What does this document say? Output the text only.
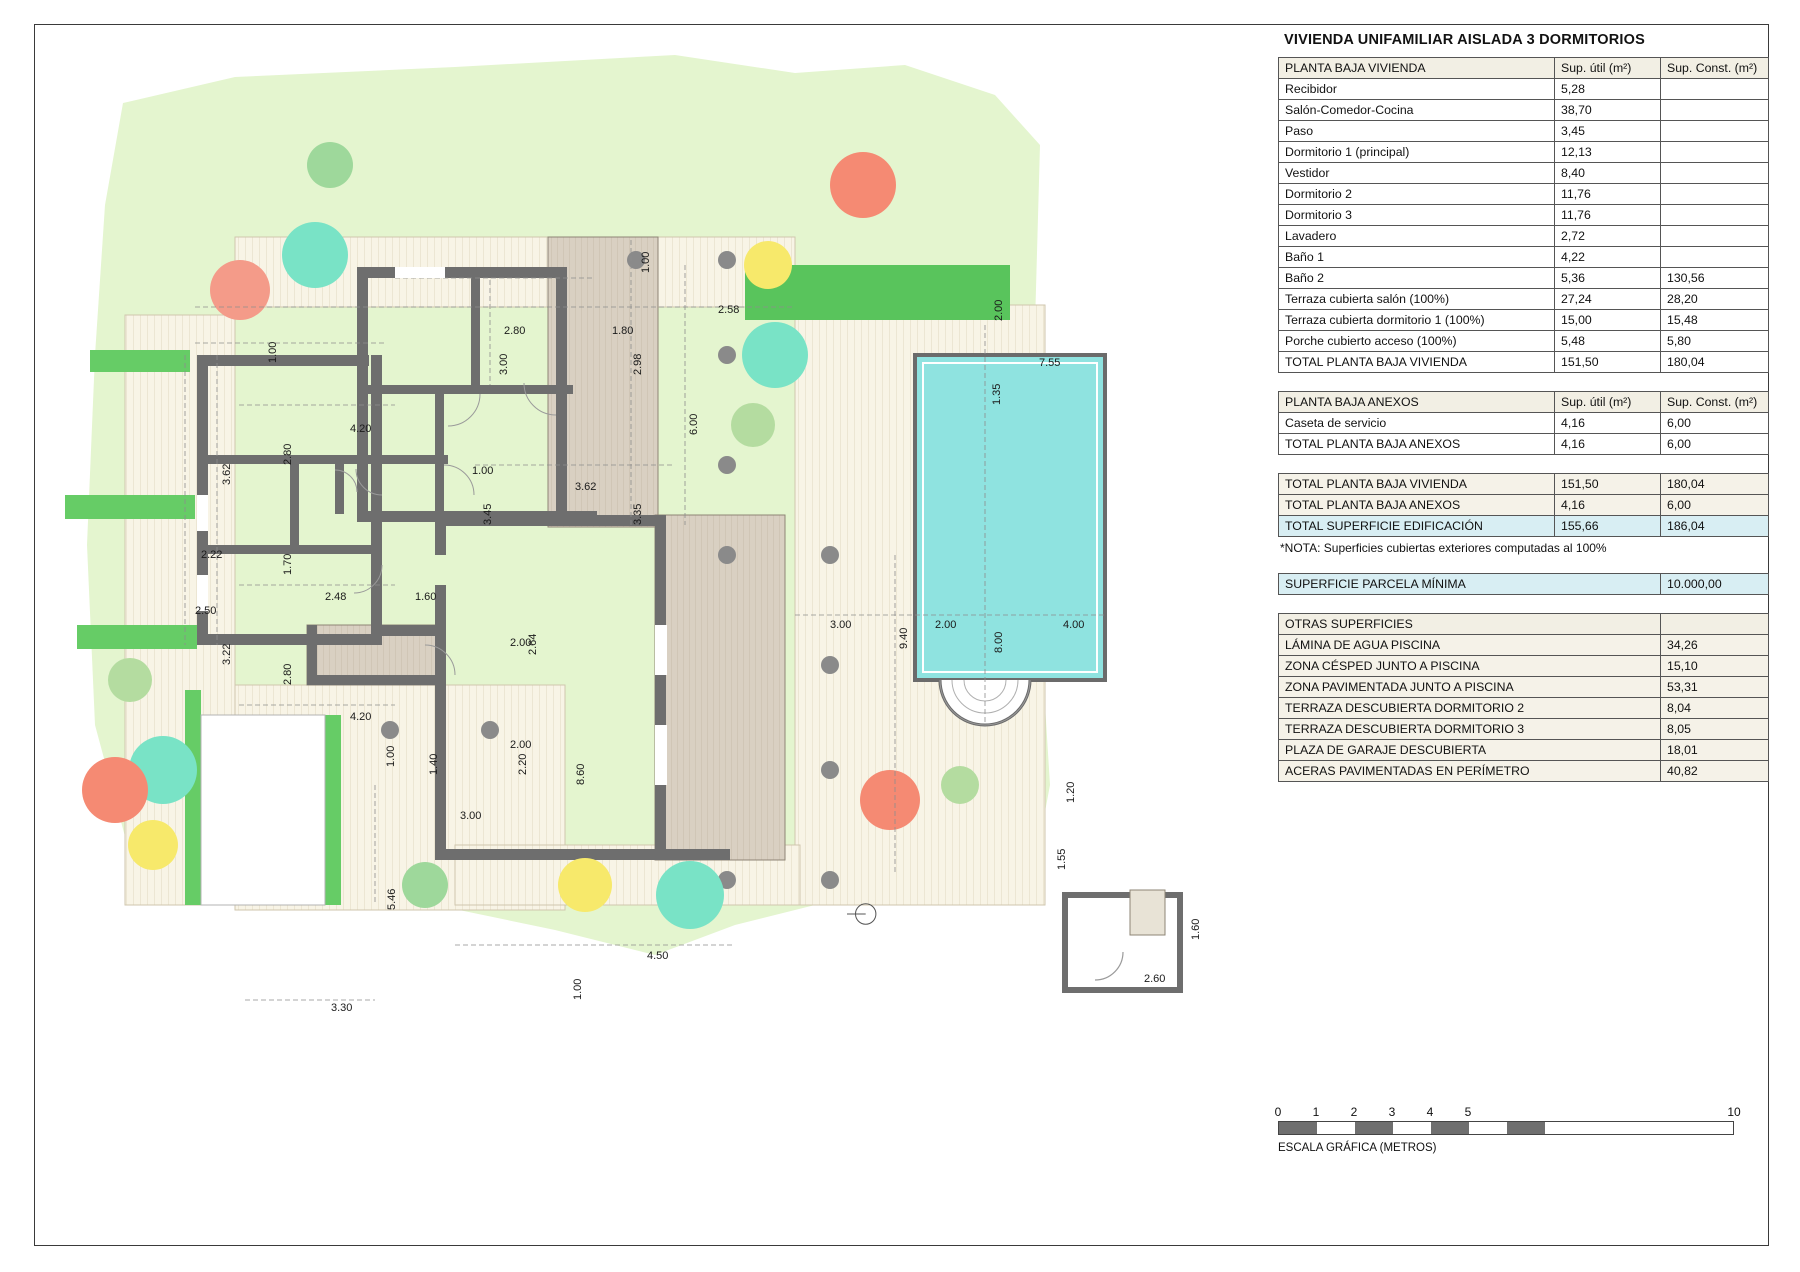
1.00
2.58
2.80	1.80
2.00
7.55
1.00
3.00	2.98
6.00
1.35
4.20
2.80
3.62	1.00
3.62
3.45	3.35
2.22	1.70
2.48	1.60
2.50
3.00	2.00	4.00
2.00
2.64
3.22
8.00
2.80
9.40
4.20
2.00
1.00	1.40	2.20	8.60
1.20
3.00
1.55
5.46
1.60
2.60
4.50
3.30
1.00
VIVIENDA UNIFAMILIAR AISLADA 3 DORMITORIOS
PLANTA BAJA VIVIENDA	Sup. útil (m²)	Sup. Const. (m²)
Recibidor	5,28	
Salón-Comedor-Cocina	38,70	
Paso	3,45	
Dormitorio 1 (principal)	12,13	
Vestidor	8,40	
Dormitorio 2	11,76	
Dormitorio 3	11,76	
Lavadero	2,72	
Baño 1	4,22	
Baño 2	5,36	130,56
Terraza cubierta salón (100%)	27,24	28,20
Terraza cubierta dormitorio 1 (100%)	15,00	15,48
Porche cubierto acceso (100%)	5,48	5,80
TOTAL PLANTA BAJA VIVIENDA	151,50	180,04
PLANTA BAJA ANEXOS	Sup. útil (m²)	Sup. Const. (m²)
Caseta de servicio	4,16	6,00
TOTAL PLANTA BAJA ANEXOS	4,16	6,00
TOTAL PLANTA BAJA VIVIENDA	151,50	180,04
TOTAL PLANTA BAJA ANEXOS	4,16	6,00
TOTAL SUPERFICIE EDIFICACIÓN	155,66	186,04
*NOTA: Superficies cubiertas exteriores computadas al 100%
SUPERFICIE PARCELA MÍNIMA	10.000,00
OTRAS SUPERFICIES	
LÁMINA DE AGUA PISCINA	34,26
ZONA CÉSPED JUNTO A PISCINA	15,10
ZONA PAVIMENTADA JUNTO A PISCINA	53,31
TERRAZA DESCUBIERTA DORMITORIO 2	8,04
TERRAZA DESCUBIERTA DORMITORIO 3	8,05
PLAZA DE GARAJE DESCUBIERTA	18,01
ACERAS PAVIMENTADAS EN PERÍMETRO	40,82
0	1	2	3	4	5	10
ESCALA GRÁFICA (METROS)
